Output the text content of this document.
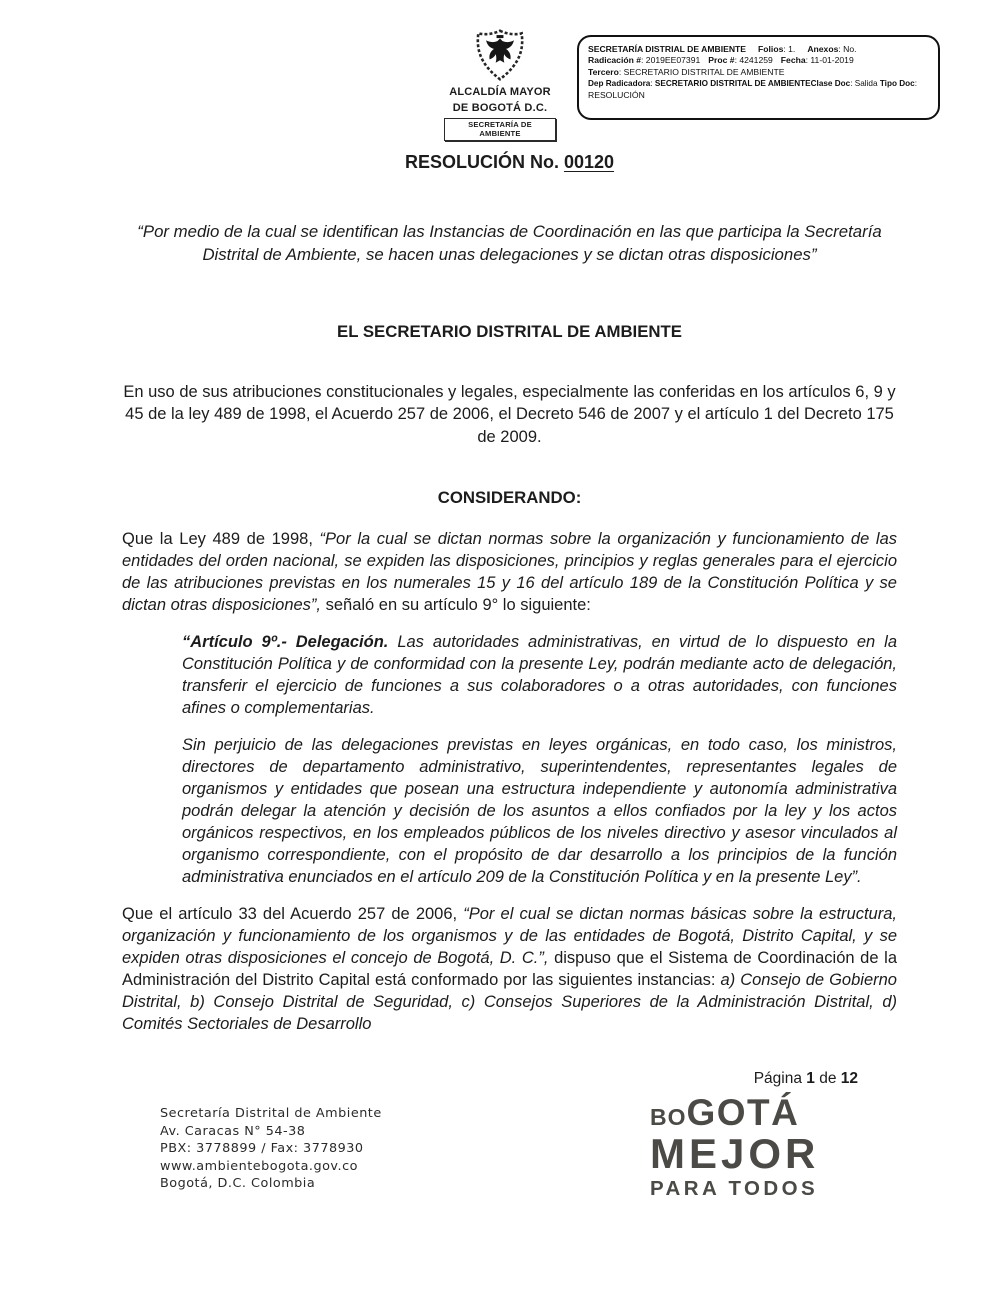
ALCALDÍA MAYOR
DE BOGOTÁ D.C.
SECRETARÍA DE AMBIENTE
SECRETARÍA DISTRIAL DE AMBIENTE Folios: 1. Anexos: No.
Radicación #: 2019EE07391 Proc #: 4241259 Fecha: 11-01-2019
Tercero: SECRETARIO DISTRITAL DE AMBIENTE
Dep Radicadora: SECRETARIO DISTRITAL DE AMBIENTEClase Doc: Salida Tipo Doc:
RESOLUCIÓN
RESOLUCIÓN No. 00120

“Por medio de la cual se identifican las Instancias de Coordinación en las que participa la Secretaría Distrital de Ambiente, se hacen unas delegaciones y se dictan otras disposiciones”

EL SECRETARIO DISTRITAL DE AMBIENTE

En uso de sus atribuciones constitucionales y legales, especialmente las conferidas en los artículos 6, 9 y 45 de la ley 489 de 1998, el Acuerdo 257 de 2006, el Decreto 546 de 2007 y el artículo 1 del Decreto 175 de 2009.

CONSIDERANDO:

Que la Ley 489 de 1998, “Por la cual se dictan normas sobre la organización y funcionamiento de las entidades del orden nacional, se expiden las disposiciones, principios y reglas generales para el ejercicio de las atribuciones previstas en los numerales 15 y 16 del artículo 189 de la Constitución Política y se dictan otras disposiciones”, señaló en su artículo 9° lo siguiente:

“Artículo 9º.- Delegación. Las autoridades administrativas, en virtud de lo dispuesto en la Constitución Política y de conformidad con la presente Ley, podrán mediante acto de delegación, transferir el ejercicio de funciones a sus colaboradores o a otras autoridades, con funciones afines o complementarias.

Sin perjuicio de las delegaciones previstas en leyes orgánicas, en todo caso, los ministros, directores de departamento administrativo, superintendentes, representantes legales de organismos y entidades que posean una estructura independiente y autonomía administrativa podrán delegar la atención y decisión de los asuntos a ellos confiados por la ley y los actos orgánicos respectivos, en los empleados públicos de los niveles directivo y asesor vinculados al organismo correspondiente, con el propósito de dar desarrollo a los principios de la función administrativa enunciados en el artículo 209 de la Constitución Política y en la presente Ley”.

Que el artículo 33 del Acuerdo 257 de 2006, “Por el cual se dictan normas básicas sobre la estructura, organización y funcionamiento de los organismos y de las entidades de Bogotá, Distrito Capital, y se expiden otras disposiciones el concejo de Bogotá, D. C.”, dispuso que el Sistema de Coordinación de la Administración del Distrito Capital está conformado por las siguientes instancias: a) Consejo de Gobierno Distrital, b) Consejo Distrital de Seguridad, c) Consejos Superiores de la Administración Distrital, d) Comités Sectoriales de Desarrollo

Página 1 de 12
Secretaría Distrital de Ambiente
Av. Caracas N° 54-38
PBX: 3778899 / Fax: 3778930
www.ambientebogota.gov.co
Bogotá, D.C. Colombia
BOGOTÁ
MEJOR
PARA TODOS
